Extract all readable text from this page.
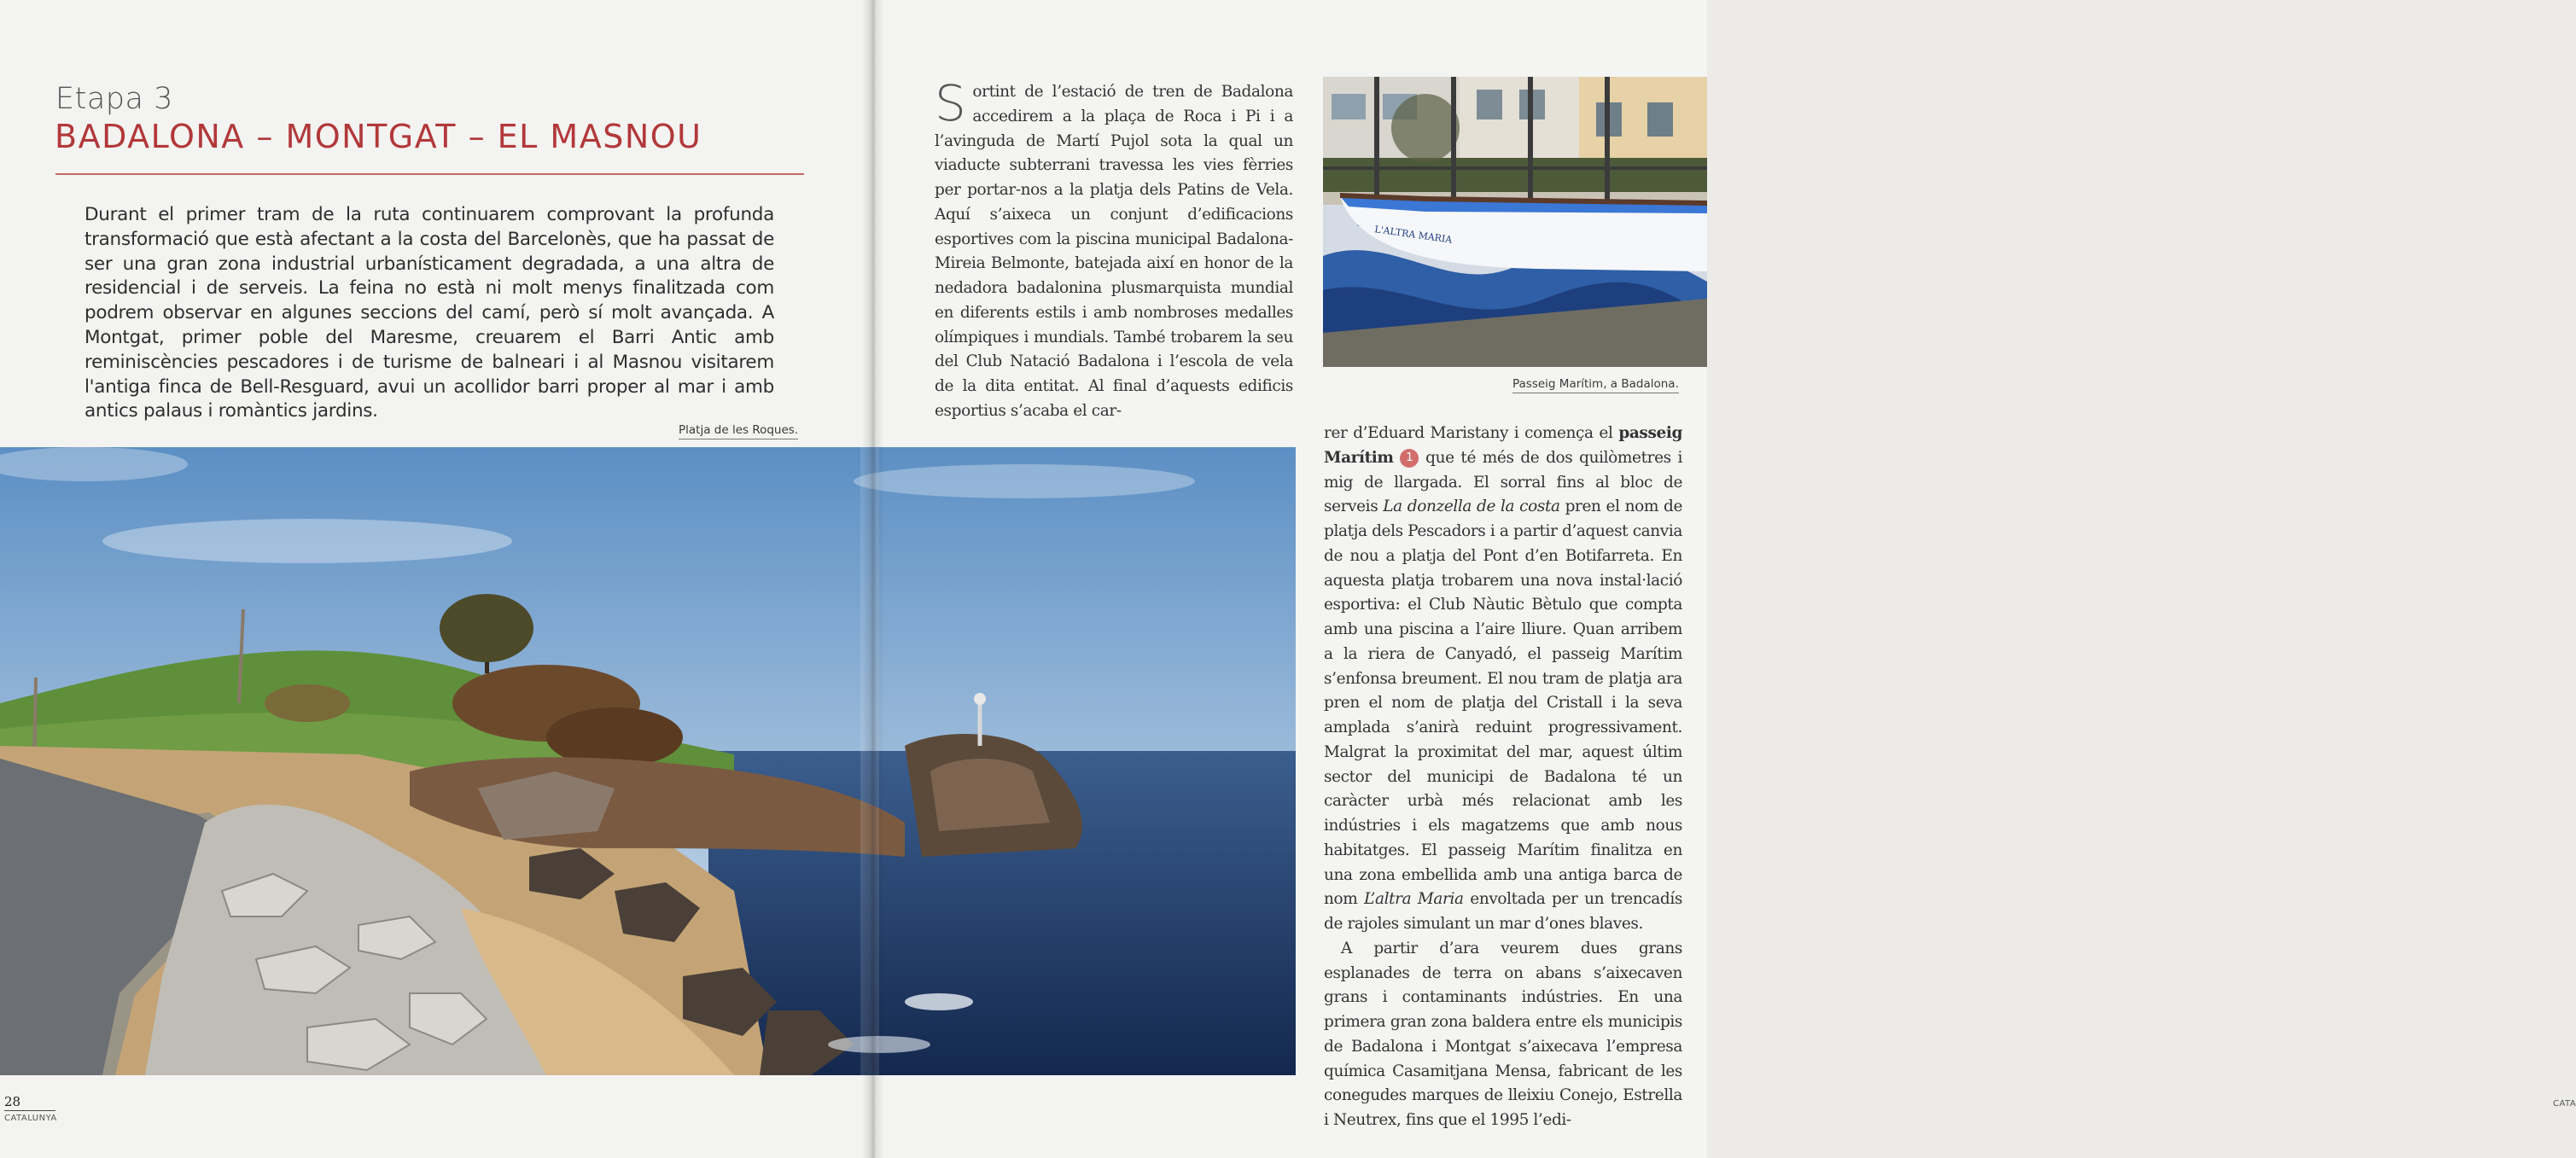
Etapa 3
BADALONA – MONTGAT – EL MASNOU

Durant el primer tram de la ruta continuarem comprovant la profunda transformació que està afectant a la costa del Barcelonès, que ha passat de ser una gran zona industrial urbanísticament degradada, a una altra de residencial i de serveis. La feina no està ni molt menys finalitzada com podrem observar en algunes seccions del camí, però sí molt avançada. A Montgat, primer poble del Maresme, creuarem el Barri Antic amb reminiscències pescadores i de turisme de balneari i al Masnou visitarem l'antiga finca de Bell-Resguard, avui un acollidor barri proper al mar i amb antics palaus i romàntics jardins.

Platja de les Roques.
28
CATALUNYA
CATA

Sortint de l’estació de tren de Badalona accedirem a la plaça de Roca i Pi i a l’avinguda de Martí Pujol sota la qual un viaducte subterrani travessa les vies fèrries per portar-nos a la platja dels Patins de Vela. Aquí s’aixeca un conjunt d’edificacions esportives com la piscina municipal Badalona-Mireia Belmonte, batejada així en honor de la nedadora badalonina plusmarquista mundial en diferents estils i amb nombroses medalles olímpiques i mundials. També trobarem la seu del Club Natació Badalona i l’escola de vela de la dita entitat. Al final d’aquests edificis esportius s’acaba el car-

rer d’Eduard Maristany i comença el passeig Marítim 1 que té més de dos quilòmetres i mig de llargada. El sorral fins al bloc de serveis La donzella de la costa pren el nom de platja dels Pescadors i a partir d’aquest canvia de nou a platja del Pont d’en Botifarreta. En aquesta platja trobarem una nova instal·lació esportiva: el Club Nàutic Bètulo que compta amb una piscina a l’aire lliure. Quan arribem a la riera de Canyadó, el passeig Marítim s’enfonsa breument. El nou tram de platja ara pren el nom de platja del Cristall i la seva amplada s’anirà reduint progressivament. Malgrat la proximitat del mar, aquest últim sector del municipi de Badalona té un caràcter urbà més relacionat amb les indústries i els magatzems que amb nous habitatges. El passeig Marítim finalitza en una zona embellida amb una antiga barca de nom L’altra Maria envoltada per un trencadís de rajoles simulant un mar d’ones blaves.

A partir d’ara veurem dues grans esplanades de terra on abans s’aixecaven grans i contaminants indústries. En una primera gran zona baldera entre els municipis de Badalona i Montgat s’aixecava l’empresa química Casamitjana Mensa, fabricant de les conegudes marques de lleixiu Conejo, Estrella i Neutrex, fins que el 1995 l’edi-

Passeig Marítim, a Badalona.
L'ALTRA MARIA
